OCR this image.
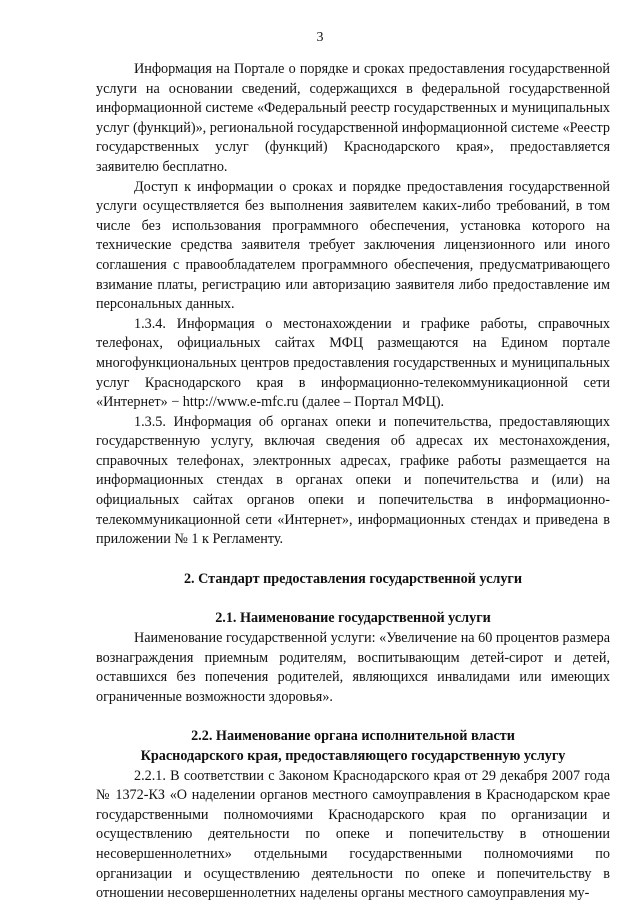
3

Информация на Портале о порядке и сроках предоставления государственной услуги на основании сведений, содержащихся в федеральной государственной информационной системе «Федеральный реестр государственных и муниципальных услуг (функций)», региональной государственной информационной системе «Реестр государственных услуг (функций) Краснодарского края», предоставляется заявителю бесплатно.

Доступ к информации о сроках и порядке предоставления государственной услуги осуществляется без выполнения заявителем каких-либо требований, в том числе без использования программного обеспечения, установка которого на технические средства заявителя требует заключения лицензионного или иного соглашения с правообладателем программного обеспечения, предусматривающего взимание платы, регистрацию или авторизацию заявителя либо предоставление им персональных данных.

1.3.4. Информация о местонахождении и графике работы, справочных телефонах, официальных сайтах МФЦ размещаются на Едином портале многофункциональных центров предоставления государственных и муниципальных услуг Краснодарского края в информационно-телекоммуникационной сети «Интернет» − http://www.e-mfc.ru (далее – Портал МФЦ).

1.3.5. Информация об органах опеки и попечительства, предоставляющих государственную услугу, включая сведения об адресах их местонахождения, справочных телефонах, электронных адресах, графике работы размещается на информационных стендах в органах опеки и попечительства и (или) на официальных сайтах органов опеки и попечительства в информационно-телекоммуникационной сети «Интернет», информационных стендах и приведена в приложении № 1 к Регламенту.

2. Стандарт предоставления государственной услуги
2.1. Наименование государственной услуги

Наименование государственной услуги: «Увеличение на 60 процентов размера вознаграждения приемным родителям, воспитывающим детей-сирот и детей, оставшихся без попечения родителей, являющихся инвалидами или имеющих ограниченные возможности здоровья».

2.2. Наименование органа исполнительной власти
Краснодарского края, предоставляющего государственную услугу

2.2.1. В соответствии с Законом Краснодарского края от 29 декабря 2007 года № 1372-КЗ «О наделении органов местного самоуправления в Краснодарском крае государственными полномочиями Краснодарского края по организации и осуществлению деятельности по опеке и попечительству в отношении несовершеннолетних» отдельными государственными полномочиями по организации и осуществлению деятельности по опеке и попечительству в отношении несовершеннолетних наделены органы местного самоуправления му-
